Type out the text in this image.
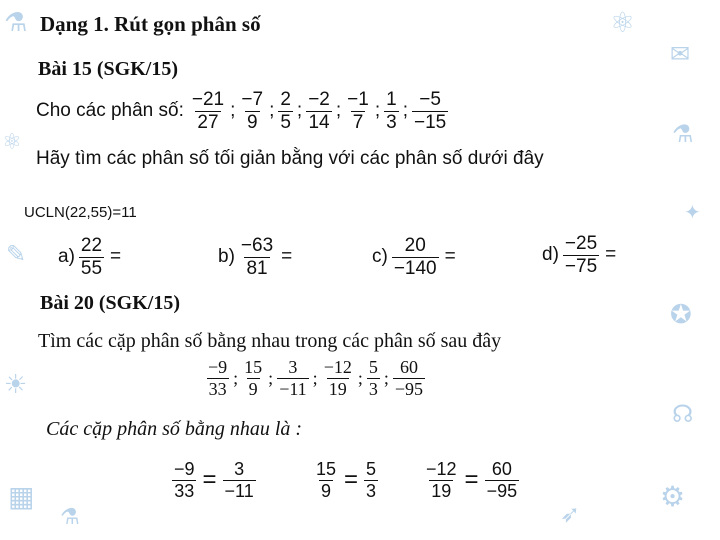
⚗
⚛
✎
☀
▦
⚛
✉
⚗
✦
✪
☊
⚙
➶
⚗
Dạng 1. Rút gọn phân số
Bài 15 (SGK/15)
Cho các phân số: $\frac{-21}{27}$ ; $\frac{-7}{9}$ ; $\frac{2}{5}$ ; $\frac{-2}{14}$ ; $\frac{-1}{7}$ ; $\frac{1}{3}$ ; $\frac{-5}{-15}$
Hãy tìm các phân số tối giản bằng với các phân số dưới đây
UCLN(22,55)=11
$a) \frac{22}{55}$ =	$b) \frac{-63}{81}$ =	$c) \frac{20}{-140}$ =	$d) \frac{-25}{-75}$ =
Bài 20 (SGK/15)
Tìm các cặp phân số bằng nhau trong các phân số sau đây
$\frac{-9}{33}$ ; $\frac{15}{9}$ ; $\frac{3}{-11}$ ; $\frac{-12}{19}$ ; $\frac{5}{3}$ ; $\frac{60}{-95}$
Các cặp phân số bằng nhau là :
$\frac{-9}{33} = \frac{3}{-11}$	$\frac{15}{9} = \frac{5}{3}$	$\frac{-12}{19} = \frac{60}{-95}$
